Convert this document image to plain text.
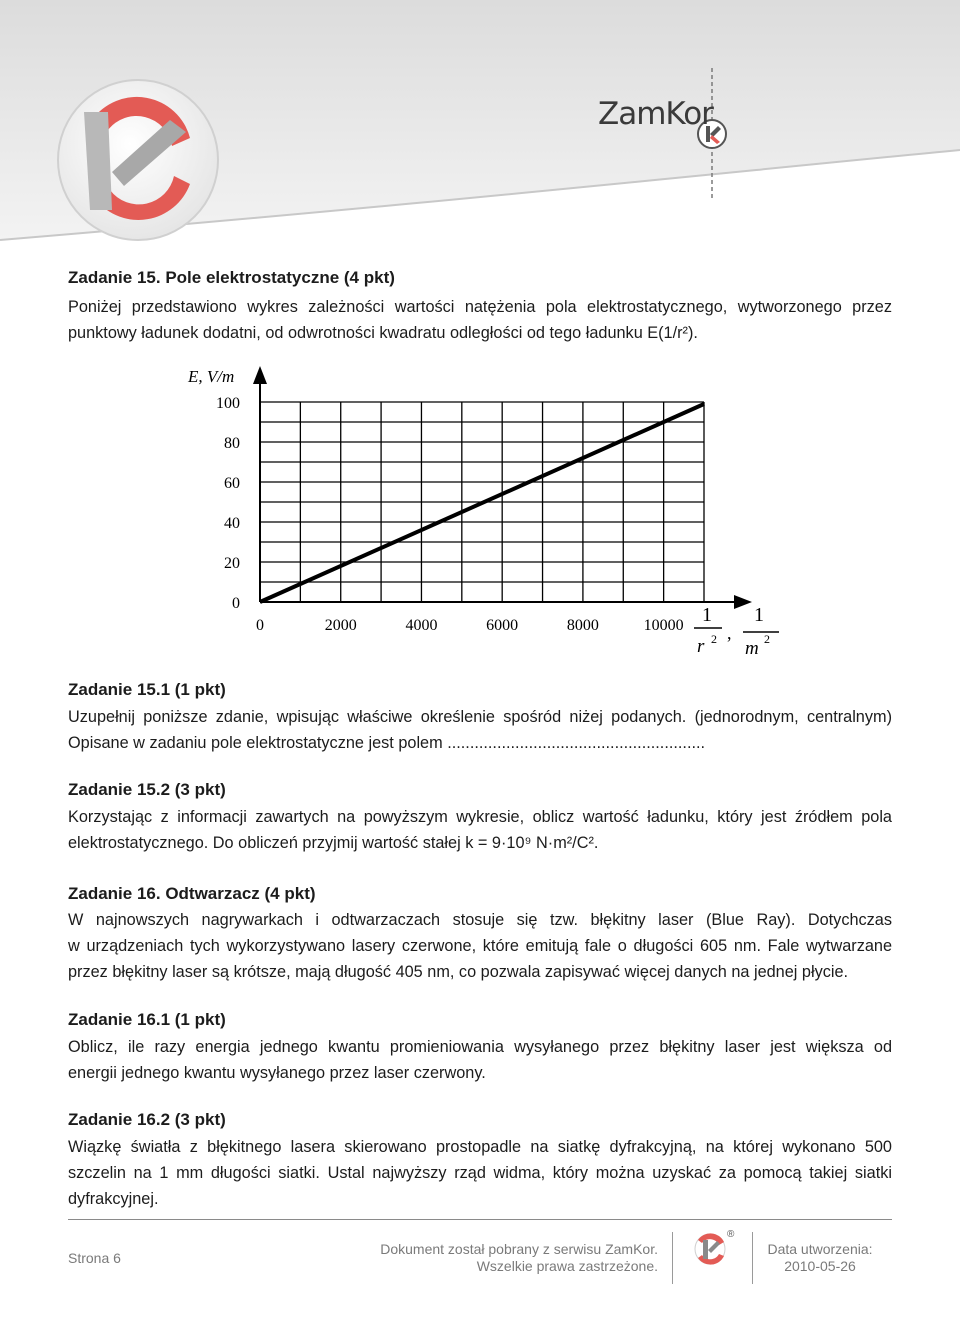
ZamKor
Zadanie 15. Pole elektrostatyczne (4 pkt)
Poniżej przedstawiono wykres zależności wartości natężenia pola elektrostatycznego, wytworzonego przez
punktowy ładunek dodatni, od odwrotności kwadratu odległości od tego ładunku E(1/r²).
0
20
40
60
80
100
0	2000	4000	6000	8000	10000
E, V/m
1
r 2 ,
1
m 2
Zadanie 15.1 (1 pkt)
Uzupełnij poniższe zdanie, wpisując właściwe określenie spośród niżej podanych. (jednorodnym, centralnym)
Opisane w zadaniu pole elektrostatyczne jest polem .........................................................
Zadanie 15.2 (3 pkt)
Korzystając z informacji zawartych na powyższym wykresie, oblicz wartość ładunku, który jest źródłem pola
elektrostatycznego. Do obliczeń przyjmij wartość stałej k = 9·10⁹ N·m²/C².
Zadanie 16. Odtwarzacz (4 pkt)
W najnowszych nagrywarkach i odtwarzaczach stosuje się tzw. błękitny laser (Blue Ray). Dotychczas
w urządzeniach tych wykorzystywano lasery czerwone, które emitują fale o długości 605 nm. Fale wytwarzane
przez błękitny laser są krótsze, mają długość 405 nm, co pozwala zapisywać więcej danych na jednej płycie.
Zadanie 16.1 (1 pkt)
Oblicz, ile razy energia jednego kwantu promieniowania wysyłanego przez błękitny laser jest większa od
energii jednego kwantu wysyłanego przez laser czerwony.
Zadanie 16.2 (3 pkt)
Wiązkę światła z błękitnego lasera skierowano prostopadle na siatkę dyfrakcyjną, na której wykonano 500
szczelin na 1 mm długości siatki. Ustal najwyższy rząd widma, który można uzyskać za pomocą takiej siatki
dyfrakcyjnej.
Strona 6
Dokument został pobrany z serwisu ZamKor.
Wszelkie prawa zastrzeżone.
®
Data utworzenia:
2010-05-26
